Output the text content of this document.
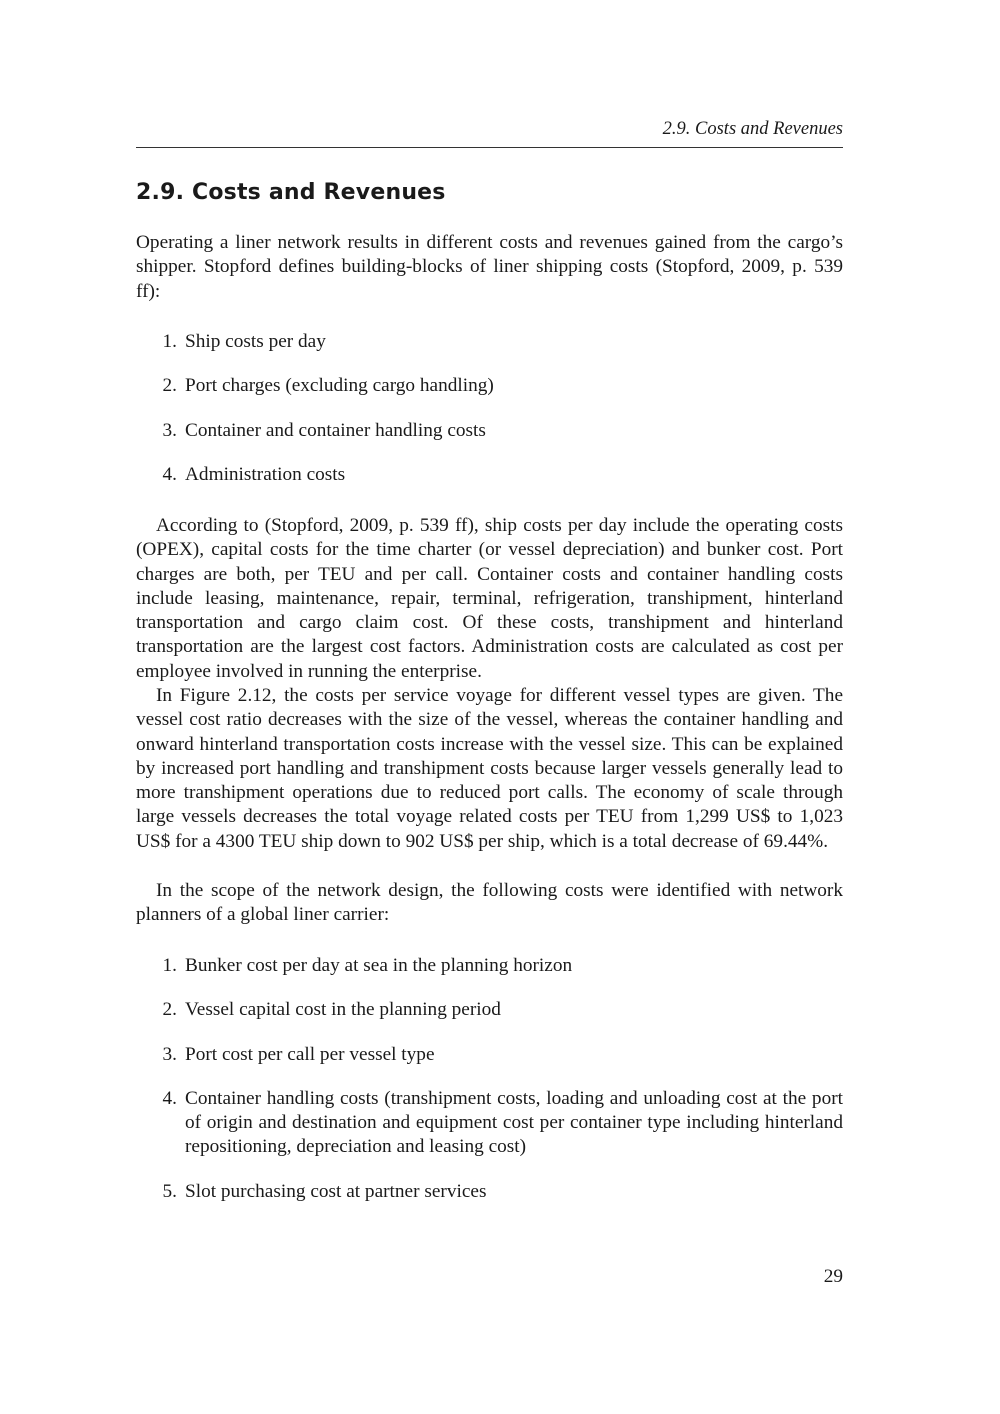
2.9. Costs and Revenues
2.9. Costs and Revenues

Operating a liner network results in different costs and revenues gained from the cargo’s shipper. Stopford defines building-blocks of liner shipping costs (Stopford, 2009, p. 539 ff):

1. Ship costs per day
2. Port charges (excluding cargo handling)
3. Container and container handling costs
4. Administration costs

According to (Stopford, 2009, p. 539 ff), ship costs per day include the operating costs (OPEX), capital costs for the time charter (or vessel depreciation) and bunker cost. Port charges are both, per TEU and per call. Container costs and container handling costs include leasing, maintenance, repair, terminal, refrigeration, transhipment, hinterland transportation and cargo claim cost. Of these costs, transhipment and hinterland transportation are the largest cost factors. Administration costs are calculated as cost per employee involved in running the enterprise.

In Figure 2.12, the costs per service voyage for different vessel types are given. The vessel cost ratio decreases with the size of the vessel, whereas the container handling and onward hinterland transportation costs increase with the vessel size. This can be explained by increased port handling and transhipment costs because larger vessels generally lead to more transhipment operations due to reduced port calls. The economy of scale through large vessels decreases the total voyage related costs per TEU from 1,299 US$ to 1,023 US$ for a 4300 TEU ship down to 902 US$ per ship, which is a total decrease of 69.44%.

In the scope of the network design, the following costs were identified with network planners of a global liner carrier:

1. Bunker cost per day at sea in the planning horizon
2. Vessel capital cost in the planning period
3. Port cost per call per vessel type
4. Container handling costs (transhipment costs, loading and unloading cost at the port of origin and destination and equipment cost per container type including hinterland repositioning, depreciation and leasing cost)
5. Slot purchasing cost at partner services
29
